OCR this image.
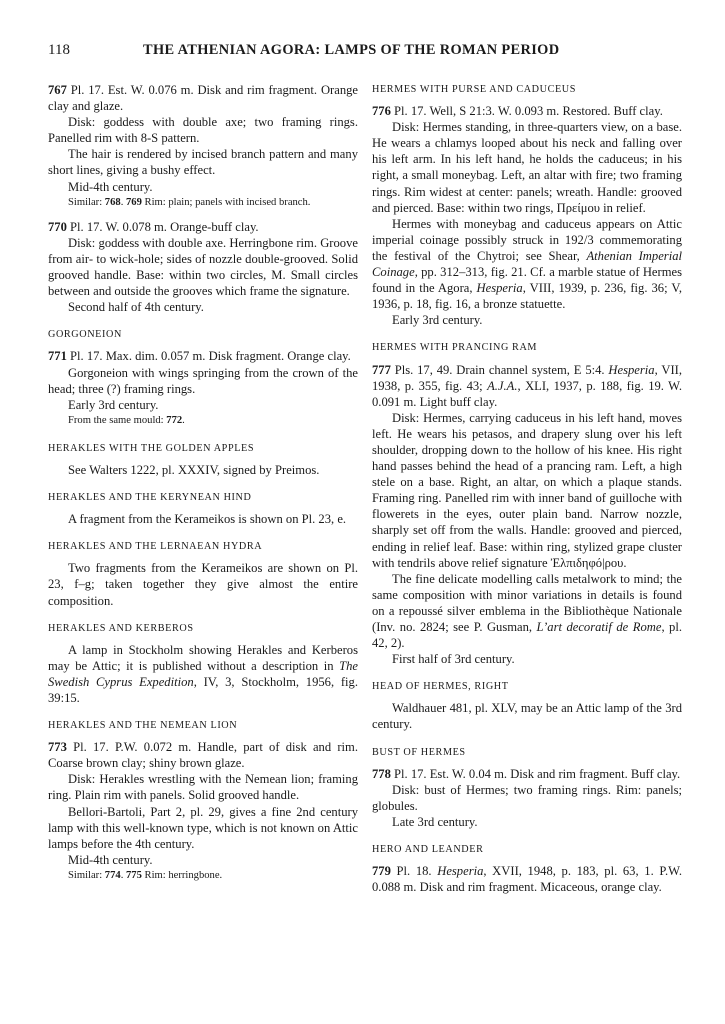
118	THE ATHENIAN AGORA: LAMPS OF THE ROMAN PERIOD

767 Pl. 17. Est. W. 0.076 m. Disk and rim fragment. Orange clay and glaze.

Disk: goddess with double axe; two framing rings. Panelled rim with 8-S pattern.

The hair is rendered by incised branch pattern and many short lines, giving a bushy effect.

Mid-4th century.

Similar: 768. 769 Rim: plain; panels with incised branch.

770 Pl. 17. W. 0.078 m. Orange-buff clay.

Disk: goddess with double axe. Herringbone rim. Groove from air- to wick-hole; sides of nozzle double-grooved. Solid grooved handle. Base: within two circles, M. Small circles between and outside the grooves which frame the signature.

Second half of 4th century.

GORGONEION

771 Pl. 17. Max. dim. 0.057 m. Disk fragment. Orange clay.

Gorgoneion with wings springing from the crown of the head; three (?) framing rings.

Early 3rd century.

From the same mould: 772.

HERAKLES WITH THE GOLDEN APPLES

See Walters 1222, pl. XXXIV, signed by Preimos.

HERAKLES AND THE KERYNEAN HIND

A fragment from the Kerameikos is shown on Pl. 23, e.

HERAKLES AND THE LERNAEAN HYDRA

Two fragments from the Kerameikos are shown on Pl. 23, f–g; taken together they give almost the entire composition.

HERAKLES AND KERBEROS

A lamp in Stockholm showing Herakles and Kerberos may be Attic; it is published without a description in The Swedish Cyprus Expedition, IV, 3, Stockholm, 1956, fig. 39:15.

HERAKLES AND THE NEMEAN LION

773 Pl. 17. P.W. 0.072 m. Handle, part of disk and rim. Coarse brown clay; shiny brown glaze.

Disk: Herakles wrestling with the Nemean lion; framing ring. Plain rim with panels. Solid grooved handle.

Bellori-Bartoli, Part 2, pl. 29, gives a fine 2nd century lamp with this well-known type, which is not known on Attic lamps before the 4th century.

Mid-4th century.

Similar: 774. 775 Rim: herringbone.

HERMES WITH PURSE AND CADUCEUS

776 Pl. 17. Well, S 21:3. W. 0.093 m. Restored. Buff clay.

Disk: Hermes standing, in three-quarters view, on a base. He wears a chlamys looped about his neck and falling over his left arm. In his left hand, he holds the caduceus; in his right, a small moneybag. Left, an altar with fire; two framing rings. Rim widest at center: panels; wreath. Handle: grooved and pierced. Base: within two rings, Πρείμου in relief.

Hermes with moneybag and caduceus appears on Attic imperial coinage possibly struck in 192/3 commemorating the festival of the Chytroi; see Shear, Athenian Imperial Coinage, pp. 312–313, fig. 21. Cf. a marble statue of Hermes found in the Agora, Hesperia, VIII, 1939, p. 236, fig. 36; V, 1936, p. 18, fig. 16, a bronze statuette.

Early 3rd century.

HERMES WITH PRANCING RAM

777 Pls. 17, 49. Drain channel system, E 5:4. Hesperia, VII, 1938, p. 355, fig. 43; A.J.A., XLI, 1937, p. 188, fig. 19. W. 0.091 m. Light buff clay.

Disk: Hermes, carrying caduceus in his left hand, moves left. He wears his petasos, and drapery slung over his left shoulder, dropping down to the hollow of his knee. His right hand passes behind the head of a prancing ram. Left, a high stele on a base. Right, an altar, on which a plaque stands. Framing ring. Panelled rim with inner band of guilloche with flowerets in the eyes, outer plain band. Narrow nozzle, sharply set off from the walls. Handle: grooved and pierced, ending in relief leaf. Base: within ring, stylized grape cluster with tendrils above relief signature Ἐλπιδηφό|ρου.

The fine delicate modelling calls metalwork to mind; the same composition with minor variations in details is found on a repoussé silver emblema in the Bibliothèque Nationale (Inv. no. 2824; see P. Gusman, L’art decoratif de Rome, pl. 42, 2).

First half of 3rd century.

HEAD OF HERMES, RIGHT

Waldhauer 481, pl. XLV, may be an Attic lamp of the 3rd century.

BUST OF HERMES

778 Pl. 17. Est. W. 0.04 m. Disk and rim fragment. Buff clay.

Disk: bust of Hermes; two framing rings. Rim: panels; globules.

Late 3rd century.

HERO AND LEANDER

779 Pl. 18. Hesperia, XVII, 1948, p. 183, pl. 63, 1. P.W. 0.088 m. Disk and rim fragment. Micaceous, orange clay.
